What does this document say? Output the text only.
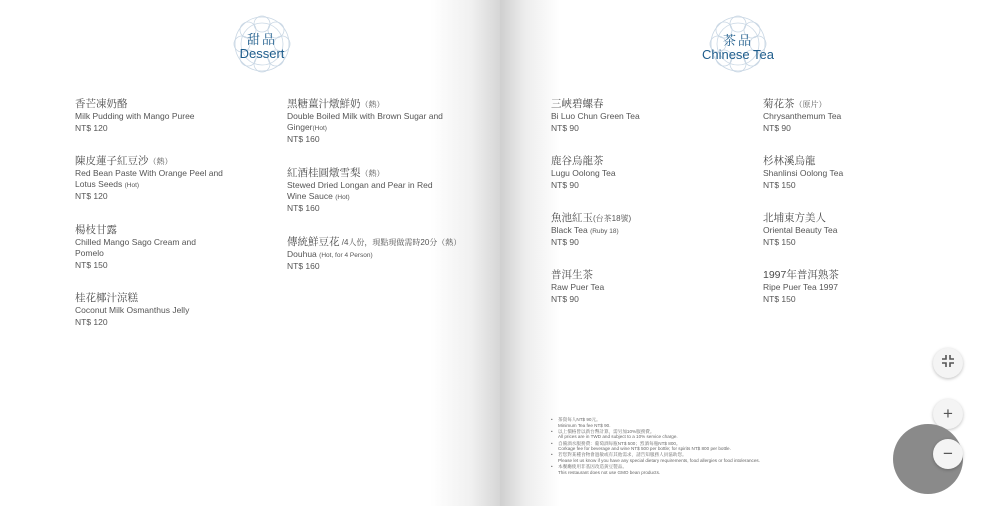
甜品
Dessert
香芒凍奶酪
Milk Pudding with Mango Puree
NT$ 120
陳皮蓮子紅豆沙（熱）
Red Bean Paste With Orange Peel and Lotus Seeds (Hot)
NT$ 120
楊枝甘露
Chilled Mango Sago Cream and Pomelo
NT$ 150
桂花椰汁涼糕
Coconut Milk Osmanthus Jelly
NT$ 120
黑糖薑汁燉鮮奶（熱）
Double Boiled Milk with Brown Sugar and Ginger(Hot)
NT$ 160
紅酒桂圓燉雪梨（熱）
Stewed Dried Longan and Pear in Red Wine Sauce (Hot)
NT$ 160
傳統鮮豆花 /4人份，現點現做需時20分（熱）
Douhua (Hot, for 4 Person)
NT$ 160
茶品
Chinese Tea
三峽碧螺春
Bi Luo Chun Green Tea
NT$ 90
鹿谷烏龍茶
Lugu Oolong Tea
NT$ 90
魚池紅玉(台茶18號)
Black Tea (Ruby 18)
NT$ 90
普洱生茶
Raw Puer Tea
NT$ 90
菊花茶（原片）
Chrysanthemum Tea
NT$ 90
杉林溪烏龍
Shanlinsi Oolong Tea
NT$ 150
北埔東方美人
Oriental Beauty Tea
NT$ 150
1997年普洱熟茶
Ripe Puer Tea 1997
NT$ 150
• 茶資每人NT$ 90元。
Minimum Tea fee NT$ 90.
• 以上價格皆以新台幣計算，需另加10%服務費。
All prices are in TWD and subject to a 10% service charge.
• 自備酒水服務費：葡萄酒每瓶NT$ 500；烈酒每瓶NT$ 800。
Corkage fee for beverage and wine NT$ 500 per bottle; for spirits NT$ 800 per bottle.
• 若您對某種食物會過敏或有其他需求，請告知服務人員協助您。
Please let us know if you have any special dietary requirements, food allergies or food intolerances.
• 本餐廳使用非基因改造黃豆製品。
This restaurant does not use GMO bean products.
+
−
